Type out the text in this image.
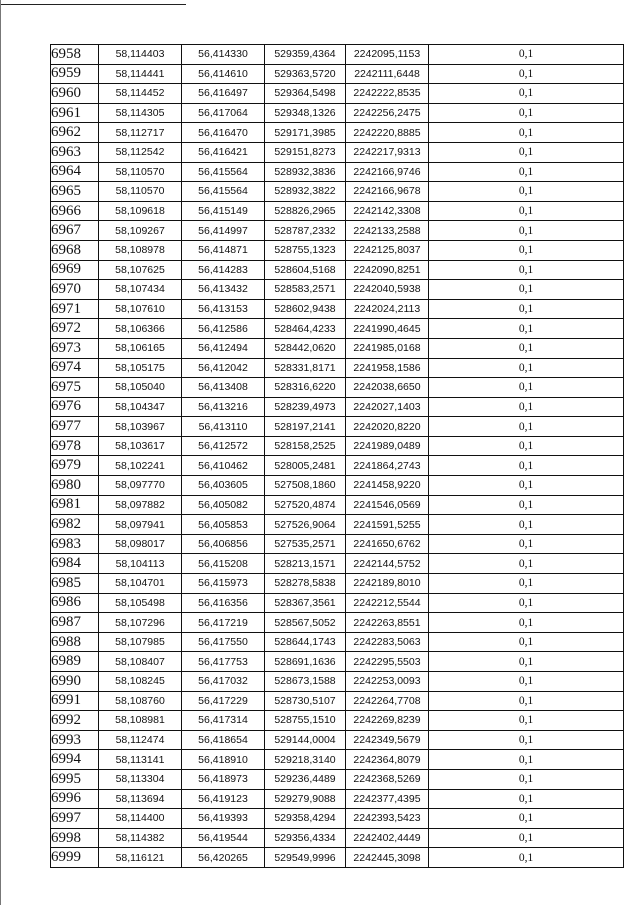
6958	58,114403	56,414330	529359,4364	2242095,1153	0,1
6959	58,114441	56,414610	529363,5720	2242111,6448	0,1
6960	58,114452	56,416497	529364,5498	2242222,8535	0,1
6961	58,114305	56,417064	529348,1326	2242256,2475	0,1
6962	58,112717	56,416470	529171,3985	2242220,8885	0,1
6963	58,112542	56,416421	529151,8273	2242217,9313	0,1
6964	58,110570	56,415564	528932,3836	2242166,9746	0,1
6965	58,110570	56,415564	528932,3822	2242166,9678	0,1
6966	58,109618	56,415149	528826,2965	2242142,3308	0,1
6967	58,109267	56,414997	528787,2332	2242133,2588	0,1
6968	58,108978	56,414871	528755,1323	2242125,8037	0,1
6969	58,107625	56,414283	528604,5168	2242090,8251	0,1
6970	58,107434	56,413432	528583,2571	2242040,5938	0,1
6971	58,107610	56,413153	528602,9438	2242024,2113	0,1
6972	58,106366	56,412586	528464,4233	2241990,4645	0,1
6973	58,106165	56,412494	528442,0620	2241985,0168	0,1
6974	58,105175	56,412042	528331,8171	2241958,1586	0,1
6975	58,105040	56,413408	528316,6220	2242038,6650	0,1
6976	58,104347	56,413216	528239,4973	2242027,1403	0,1
6977	58,103967	56,413110	528197,2141	2242020,8220	0,1
6978	58,103617	56,412572	528158,2525	2241989,0489	0,1
6979	58,102241	56,410462	528005,2481	2241864,2743	0,1
6980	58,097770	56,403605	527508,1860	2241458,9220	0,1
6981	58,097882	56,405082	527520,4874	2241546,0569	0,1
6982	58,097941	56,405853	527526,9064	2241591,5255	0,1
6983	58,098017	56,406856	527535,2571	2241650,6762	0,1
6984	58,104113	56,415208	528213,1571	2242144,5752	0,1
6985	58,104701	56,415973	528278,5838	2242189,8010	0,1
6986	58,105498	56,416356	528367,3561	2242212,5544	0,1
6987	58,107296	56,417219	528567,5052	2242263,8551	0,1
6988	58,107985	56,417550	528644,1743	2242283,5063	0,1
6989	58,108407	56,417753	528691,1636	2242295,5503	0,1
6990	58,108245	56,417032	528673,1588	2242253,0093	0,1
6991	58,108760	56,417229	528730,5107	2242264,7708	0,1
6992	58,108981	56,417314	528755,1510	2242269,8239	0,1
6993	58,112474	56,418654	529144,0004	2242349,5679	0,1
6994	58,113141	56,418910	529218,3140	2242364,8079	0,1
6995	58,113304	56,418973	529236,4489	2242368,5269	0,1
6996	58,113694	56,419123	529279,9088	2242377,4395	0,1
6997	58,114400	56,419393	529358,4294	2242393,5423	0,1
6998	58,114382	56,419544	529356,4334	2242402,4449	0,1
6999	58,116121	56,420265	529549,9996	2242445,3098	0,1
